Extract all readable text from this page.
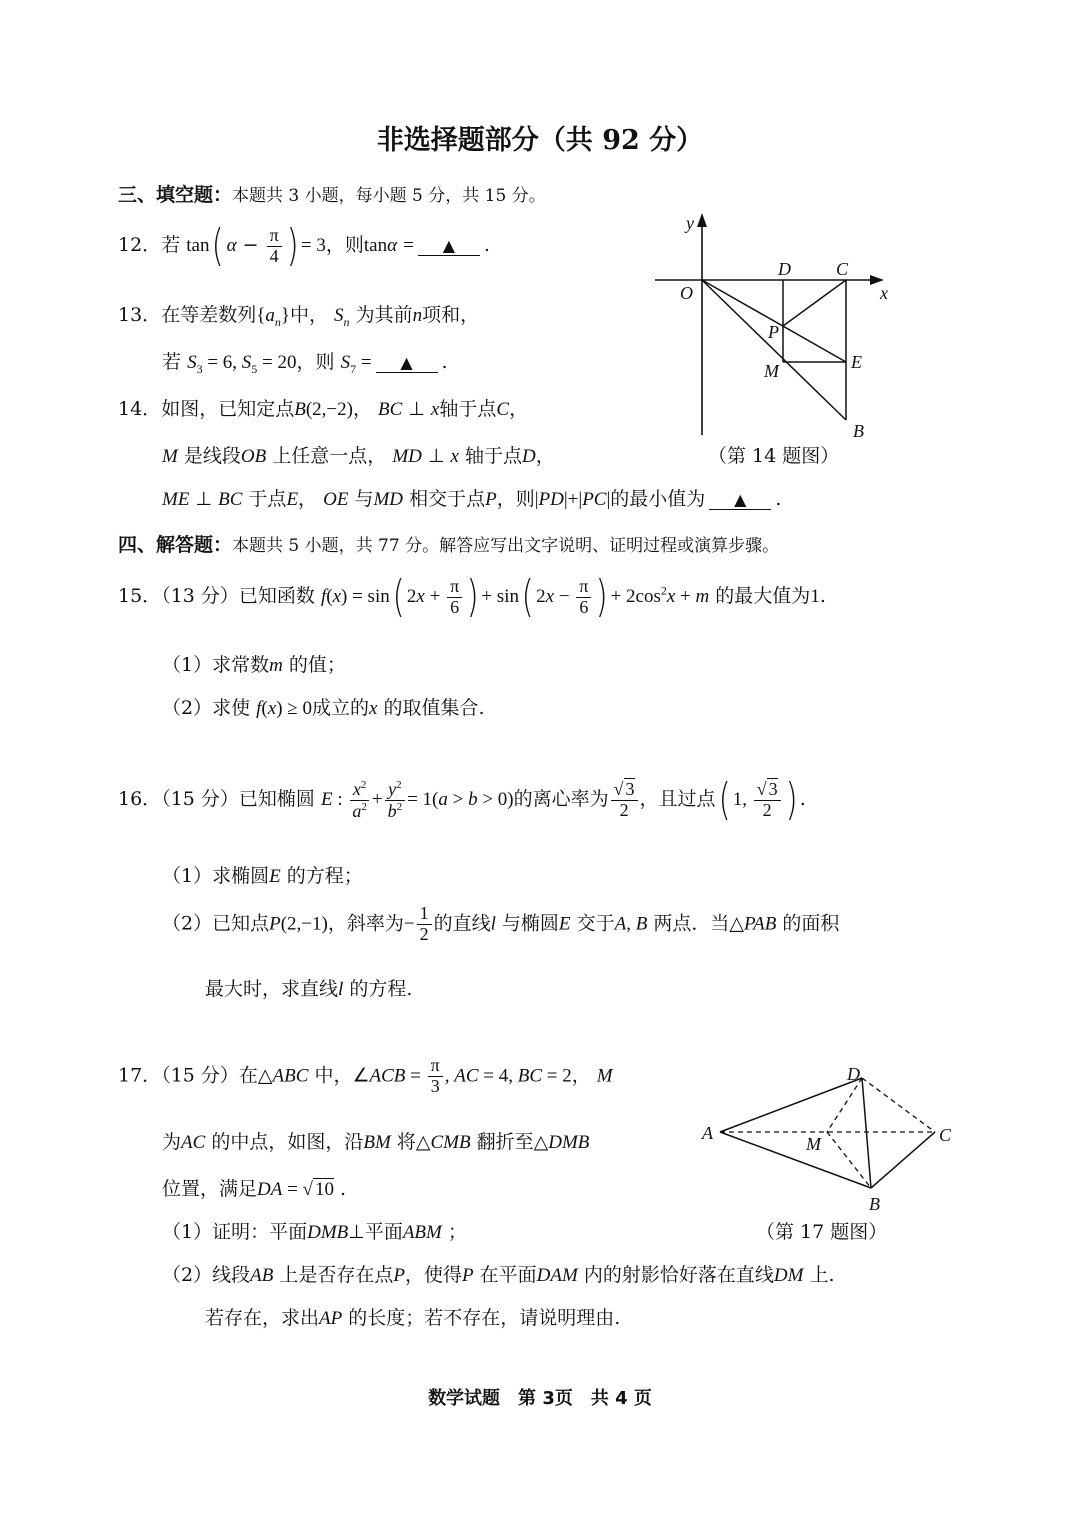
非选择题部分（共 92 分）
三、填空题：本题共 3 小题，每小题 5 分，共 15 分。
12．若 tan( $\alpha - \frac{\pi}{4}$ ) = 3，则tanα = ▲ .
13．在等差数列$\{a_n\}$中， $S_n$ 为其前n项和，
若 $S_3 = 6$, $S_5 = 20$，则 $S_7$ = ▲ .
14．如图，已知定点B(2,−2)， BC ⊥ x轴于点C，
M 是线段OB 上任意一点， MD ⊥ x 轴于点D，
ME ⊥ BC 于点E， OE 与MD 相交于点P，则|PD|+|PC|的最小值为 ▲ .
y
x
O
D	C
P
M	E
B
（第 14 题图）
四、解答题：本题共 5 小题，共 77 分。解答应写出文字说明、证明过程或演算步骤。
15．（13 分）已知函数 f(x) = sin( $2x + \frac{\pi}{6}$ ) + sin( $2x - \frac{\pi}{6}$ ) + $2\cos^2x + m$ 的最大值为1.
（1）求常数m 的值；
（2）求使 f(x) ≥ 0成立的x 的取值集合.
16．（15 分）已知椭圆 E : $\frac{x^2}{a^2} + \frac{y^2}{b^2} = 1(a > b > 0)$的离心率为 $\frac{√ 3}{2}$ ，且过点( 1, $\frac{√ 3}{2}$ ) .
（1）求椭圆E 的方程；
（2）已知点P(2,−1)，斜率为− $\frac{1}{2}$ 的直线l 与椭圆E 交于A, B 两点．当△PAB 的面积
最大时，求直线l 的方程.
17．（15 分）在△ABC 中，∠ACB = $\frac{\pi}{3}$ , AC = 4, BC = 2， M
为AC 的中点，如图，沿BM 将△CMB 翻折至△DMB
位置，满足DA = √ 10 .
（1）证明：平面DMB⊥平面ABM ；
（2）线段AB 上是否存在点P，使得P 在平面DAM 内的射影恰好落在直线DM 上.
若存在，求出AP 的长度；若不存在，请说明理由.
D
A
M	C
B
（第 17 题图）
数学试题　第 3页　共 4 页
